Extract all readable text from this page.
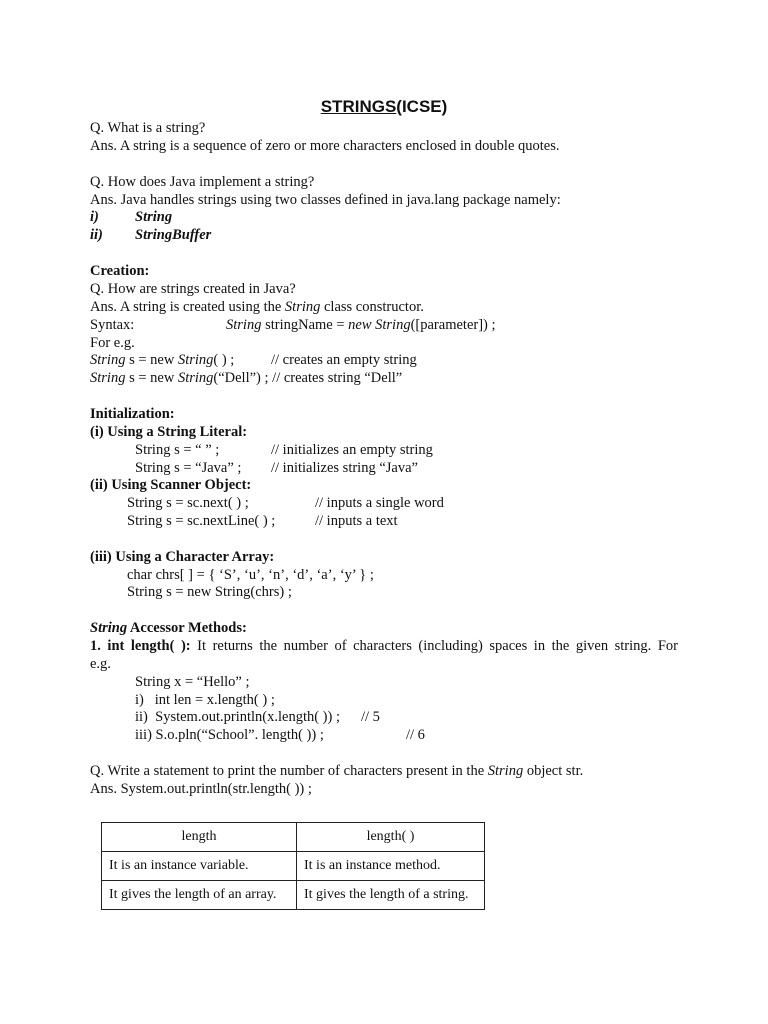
STRINGS(ICSE)
Q. What is a string?
Ans. A string is a sequence of zero or more characters enclosed in double quotes.
Q. How does Java implement a string?
Ans. Java handles strings using two classes defined in java.lang package namely:
i) String
ii) StringBuffer
Creation:
Q. How are strings created in Java?
Ans. A string is created using the String class constructor.
Syntax:	String stringName = new String([parameter]) ;
For e.g.
String s = new String( ) ;	// creates an empty string
String s = new String(“Dell”) ; // creates string “Dell”
Initialization:
(i) Using a String Literal:
String s = “ ” ;	// initializes an empty string
String s = “Java” ; // initializes string “Java”
(ii) Using Scanner Object:
String s = sc.next( ) ;	// inputs a single word
String s = sc.nextLine( ) ;	// inputs a text
(iii) Using a Character Array:
char chrs[ ] = { ‘S’, ‘u’, ‘n’, ‘d’, ‘a’, ‘y’ } ;
String s = new String(chrs) ;
String Accessor Methods:
1. int length( ): It returns the number of characters (including) spaces in the given string. For
e.g.
String x = “Hello” ;
i)   int len = x.length( ) ;
ii)  System.out.println(x.length( )) ; // 5
iii) S.o.pln(“School”. length( )) ;	// 6
Q. Write a statement to print the number of characters present in the String object str.
Ans. System.out.println(str.length( )) ;
length	length( )
It is an instance variable.	It is an instance method.
It gives the length of an array.	It gives the length of a string.
